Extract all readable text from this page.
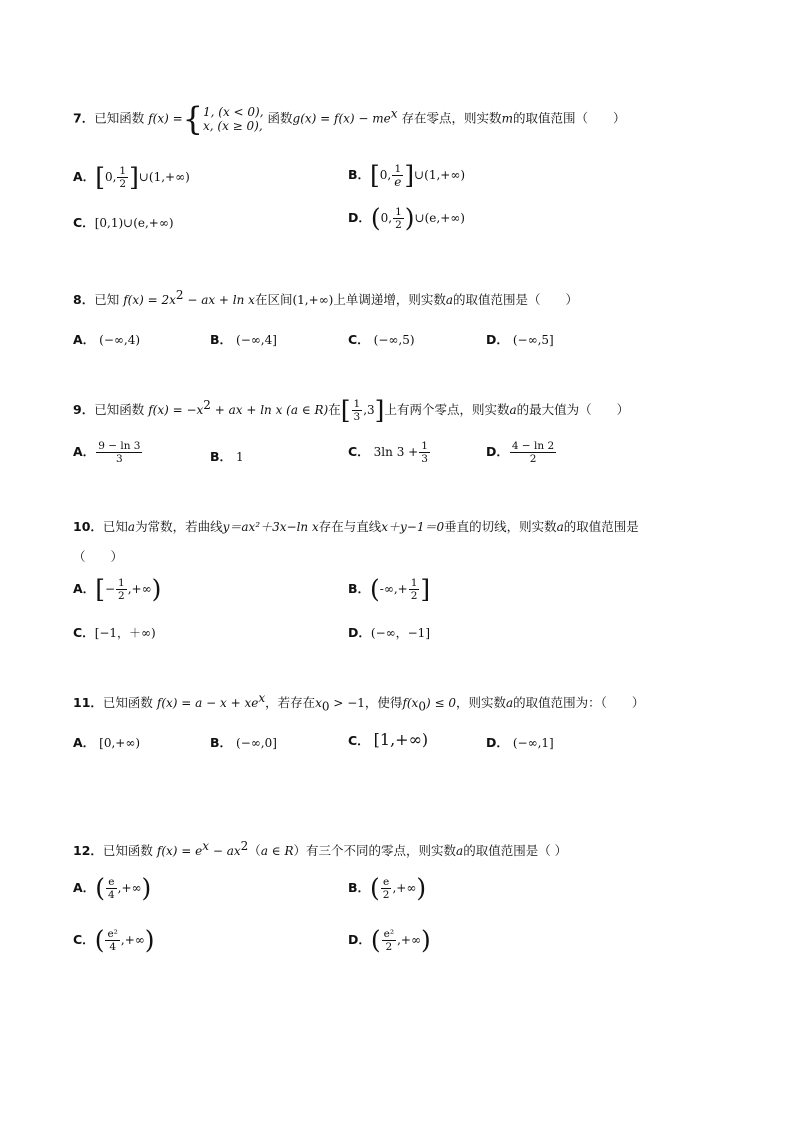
7．已知函数 f(x) ={1, (x < 0),
x, (x ≥ 0), 函数$g(x) = f(x) - me^x$ 存在零点，则实数m的取值范围（　　）
A．[0, $\frac{1}{2}$ ]∪(1,+∞)	B．[0, $\frac{1}{e}$ ]∪(1,+∞)
C．[0,1)∪(e,+∞)	D．(0, $\frac{1}{2}$ )∪(e,+∞)
8．已知 $f(x) = 2x^2$ − ax + ln x在区间(1,+∞)上单调递增，则实数a的取值范围是（　　）
A． (−∞,4)	B． (−∞,4]	C． (−∞,5)	D． (−∞,5]
9．已知函数 $f(x) = -x^2$ + ax + ln x (a ∈ R)在[ $\frac{1}{3} ,3$]上有两个零点，则实数a的最大值为（　　）
A． $\frac{9 - \ln 3}{3}$	B． 1	C． 3ln $3 + \frac{1}{3}$	D． $\frac{4 - \ln 2}{2}$
10．已知a为常数，若曲线y＝ax²＋3x−ln x存在与直线x＋y−1＝0垂直的切线，则实数a的取值范围是
（　　）
A．[− $\frac{1}{2}$ ,+∞)	B．(-∞,+ $\frac{1}{2}$ ]
C．[−1，＋∞)	D．(−∞，−1]
11．已知函数 $f(x) = a - x + xe^x$，若存在$x_0 > -1$，使得$f(x_0) \le 0$，则实数a的取值范围为：（　　）
A． [0,+∞)	B． (−∞,0]	C． [1,+∞)	D． (−∞,1]
12．已知函数 $f(x) = e^x - ax^2(a$ ∈ R）有三个不同的零点，则实数a的取值范围是（ ）
A．( $\frac{e}{4}$ ,+∞)	B．( $\frac{e}{2}$ ,+∞)
C．( $\frac{\text{e²}}{4}$ ,+∞)	D．( $\frac{\text{e²}}{2}$ ,+∞)
